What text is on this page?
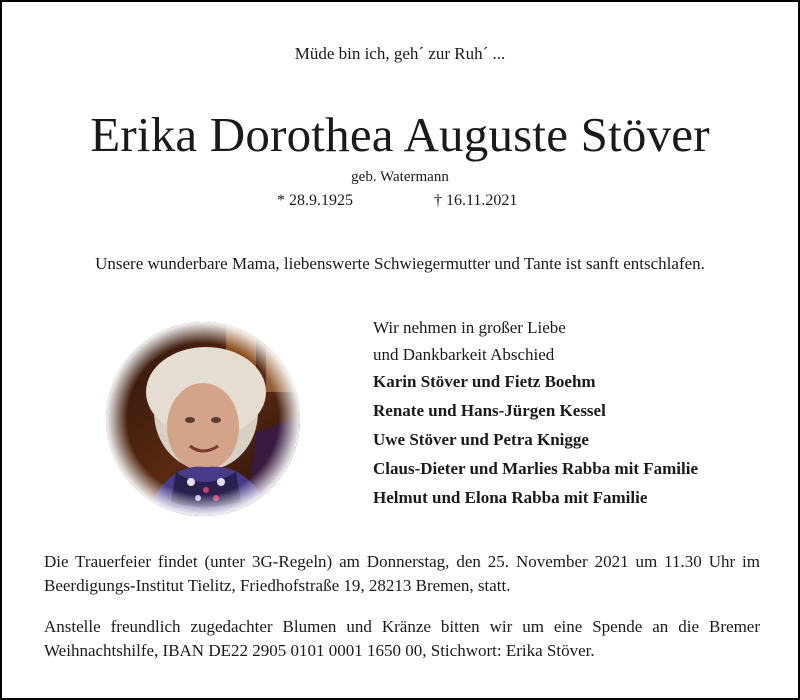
Müde bin ich, geh´ zur Ruh´ ...
Erika Dorothea Auguste Stöver
geb. Watermann
* 28.9.1925	† 16.11.2021
Unsere wunderbare Mama, liebenswerte Schwiegermutter und Tante ist sanft entschlafen.
Wir nehmen in großer Liebe
und Dankbarkeit Abschied
Karin Stöver und Fietz Boehm
Renate und Hans-Jürgen Kessel
Uwe Stöver und Petra Knigge
Claus-Dieter und Marlies Rabba mit Familie
Helmut und Elona Rabba mit Familie
Die Trauerfeier findet (unter 3G-Regeln) am Donnerstag, den 25. November 2021 um 11.30 Uhr im Beerdigungs-Institut Tielitz, Friedhofstraße 19, 28213 Bremen, statt.
Anstelle freundlich zugedachter Blumen und Kränze bitten wir um eine Spende an die Bremer Weihnachtshilfe, IBAN DE22 2905 0101 0001 1650 00, Stichwort: Erika Stöver.
